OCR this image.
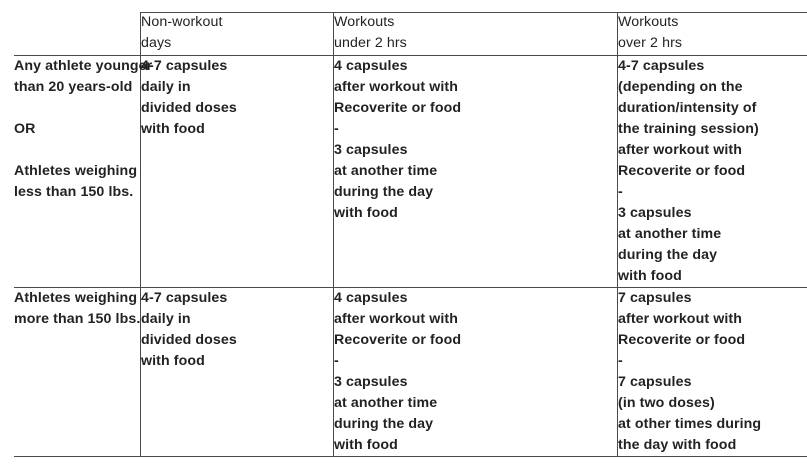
Non-workout
days
Workouts
under 2 hrs
Workouts
over 2 hrs
Any athlete younger
than 20 years-old
OR
Athletes weighing
less than 150 lbs.
4-7 capsules
daily in
divided doses
with food
4 capsules
after workout with
Recoverite or food
-
3 capsules
at another time
during the day
with food
4-7 capsules
(depending on the
duration/intensity of
the training session)
after workout with
Recoverite or food
-
3 capsules
at another time
during the day
with food
Athletes weighing
more than 150 lbs.
4-7 capsules
daily in
divided doses
with food
4 capsules
after workout with
Recoverite or food
-
3 capsules
at another time
during the day
with food
7 capsules
after workout with
Recoverite or food
-
7 capsules
(in two doses)
at other times during
the day with food
